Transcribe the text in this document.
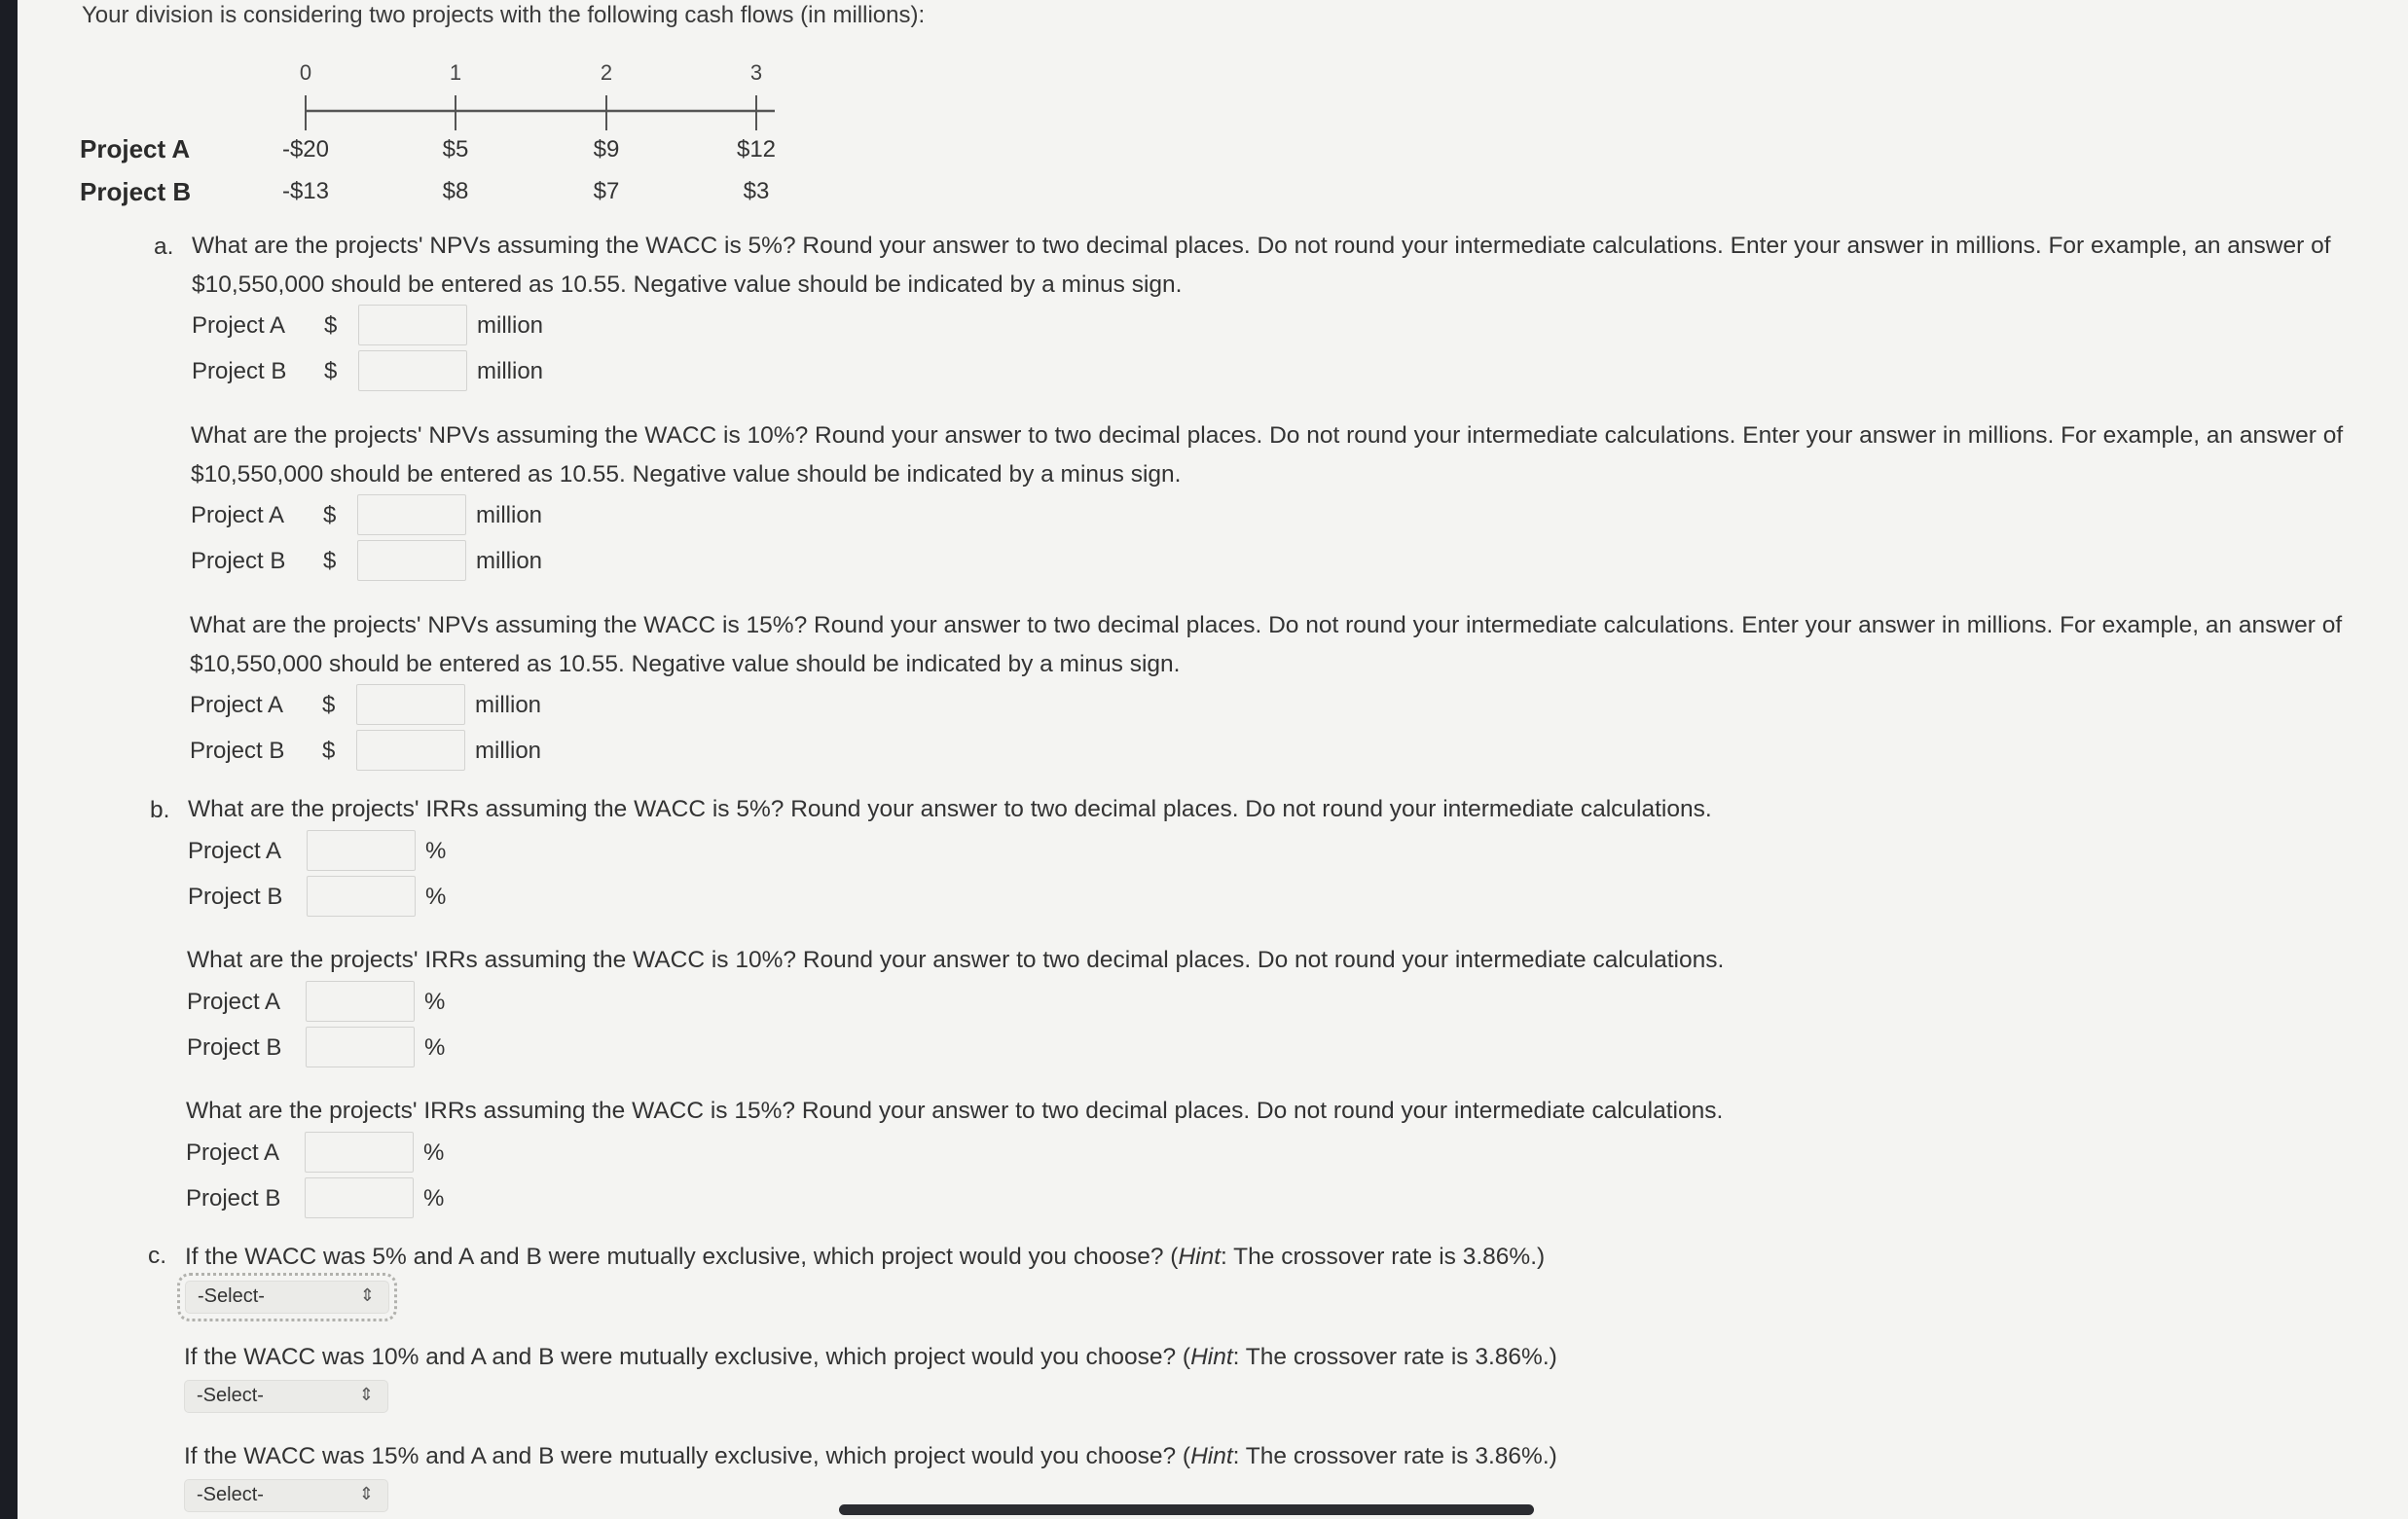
Your division is considering two projects with the following cash flows (in millions):
0	1	2	3
Project A	-$20	$5	$9	$12
Project B	-$13	$8	$7	$3
a. What are the projects' NPVs assuming the WACC is 5%? Round your answer to two decimal places. Do not round your intermediate calculations. Enter your answer in millions. For example, an answer of $10,550,000 should be entered as 10.55. Negative value should be indicated by a minus sign.
Project A $	million
Project B $	million
What are the projects' NPVs assuming the WACC is 10%? Round your answer to two decimal places. Do not round your intermediate calculations. Enter your answer in millions. For example, an answer of $10,550,000 should be entered as 10.55. Negative value should be indicated by a minus sign.
Project A $	million
Project B $	million
What are the projects' NPVs assuming the WACC is 15%? Round your answer to two decimal places. Do not round your intermediate calculations. Enter your answer in millions. For example, an answer of $10,550,000 should be entered as 10.55. Negative value should be indicated by a minus sign.
Project A $	million
Project B $	million
b. What are the projects' IRRs assuming the WACC is 5%? Round your answer to two decimal places. Do not round your intermediate calculations.
Project A	%
Project B	%
What are the projects' IRRs assuming the WACC is 10%? Round your answer to two decimal places. Do not round your intermediate calculations.
Project A	%
Project B	%
What are the projects' IRRs assuming the WACC is 15%? Round your answer to two decimal places. Do not round your intermediate calculations.
Project A	%
Project B	%
c. If the WACC was 5% and A and B were mutually exclusive, which project would you choose? (Hint: The crossover rate is 3.86%.)
-Select-	⇕
If the WACC was 10% and A and B were mutually exclusive, which project would you choose? (Hint: The crossover rate is 3.86%.)
-Select-	⇕
If the WACC was 15% and A and B were mutually exclusive, which project would you choose? (Hint: The crossover rate is 3.86%.)
-Select-	⇕
